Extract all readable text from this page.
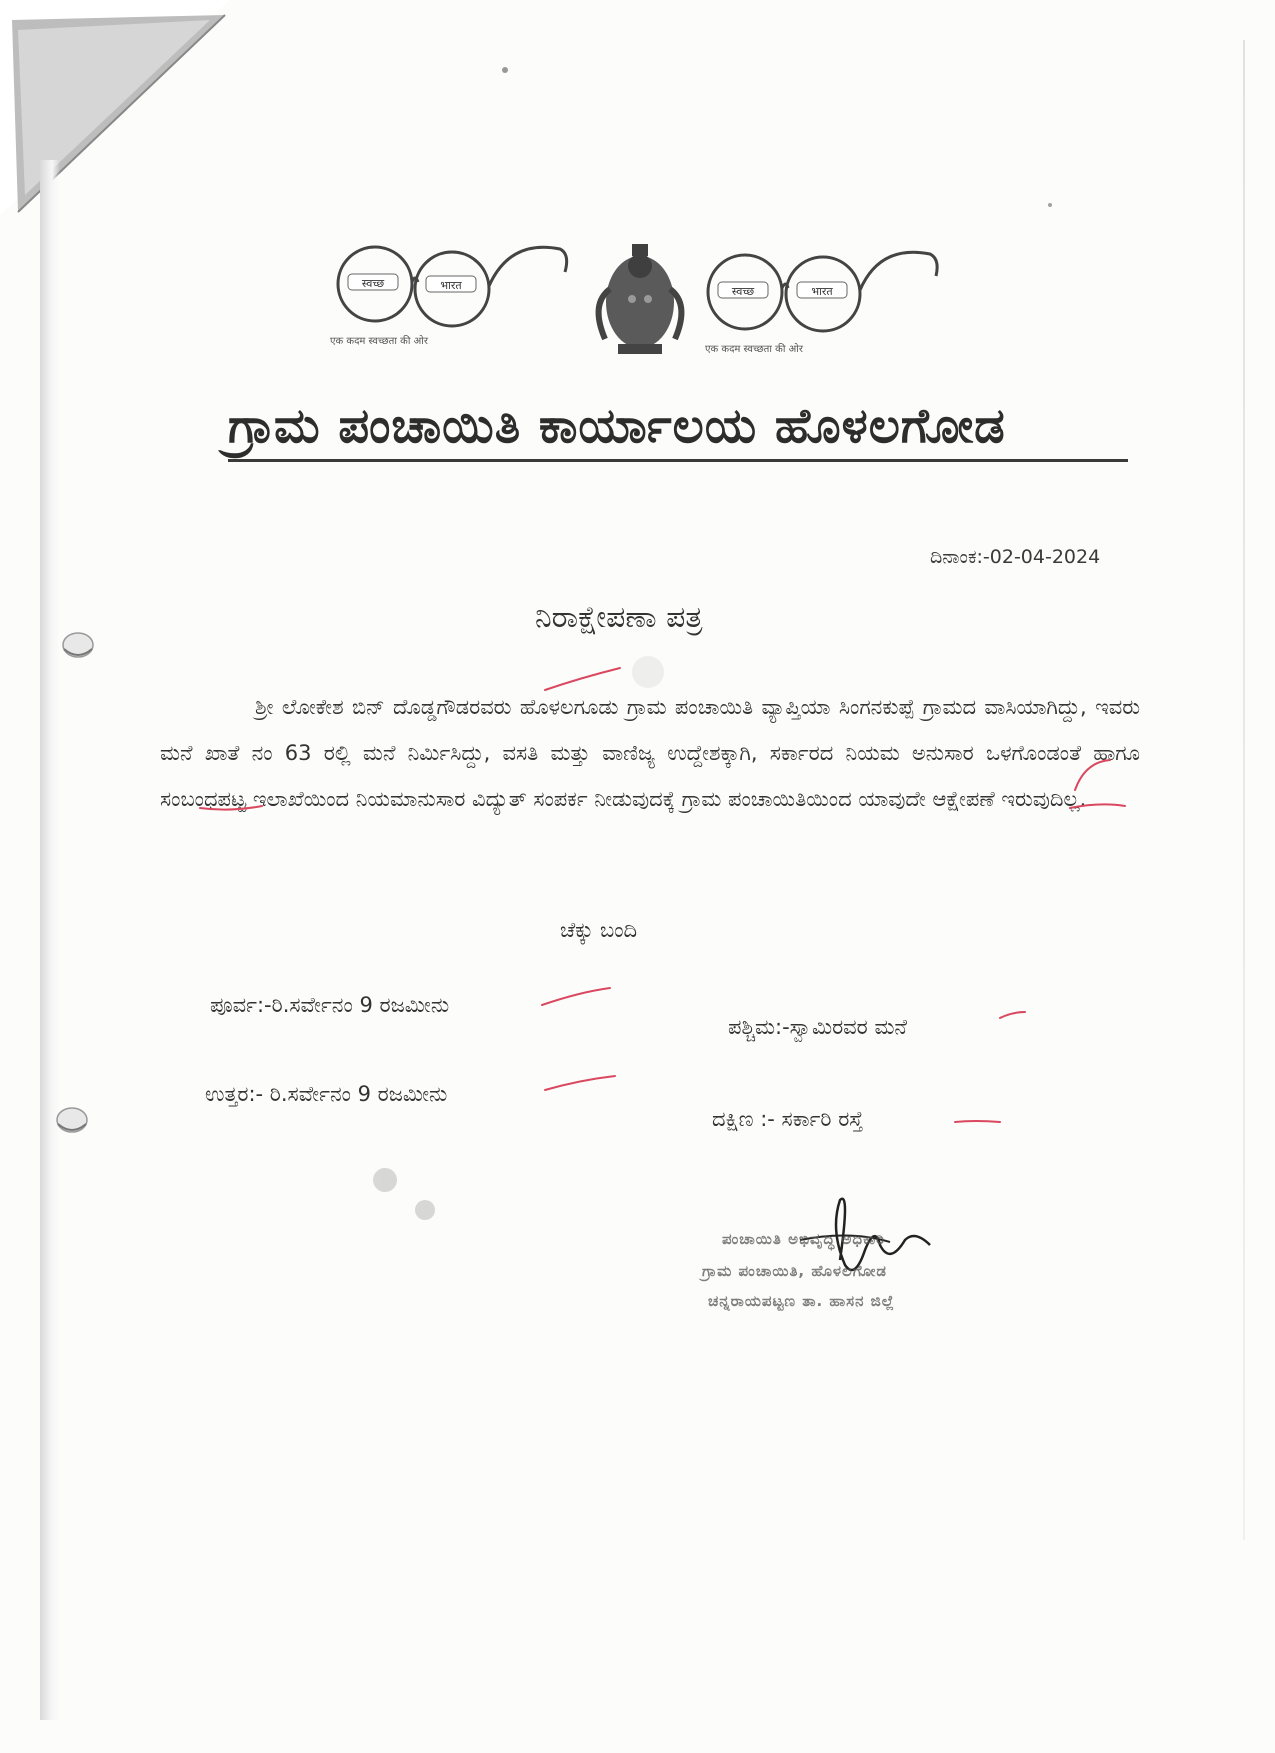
स्वच्छ	भारत
एक कदम स्वच्छता की ओर
स्वच्छ	भारत
एक कदम स्वच्छता की ओर
ಗ್ರಾಮ ಪಂಚಾಯಿತಿ ಕಾರ್ಯಾಲಯ ಹೊಳಲಗೋಡ
ದಿನಾಂಕ:-02-04-2024
ನಿರಾಕ್ಷೇಪಣಾ ಪತ್ರ

ಶ್ರೀ ಲೋಕೇಶ ಬಿನ್ ದೊಡ್ಡಗೌಡರವರು ಹೊಳಲಗೂಡು ಗ್ರಾಮ ಪಂಚಾಯಿತಿ ವ್ಯಾಪ್ತಿಯಾ ಸಿಂಗನಕುಪ್ಪೆ ಗ್ರಾಮದ ವಾಸಿಯಾಗಿದ್ದು, ಇವರು ಮನೆ ಖಾತೆ ನಂ 63 ರಲ್ಲಿ ಮನೆ ನಿರ್ಮಿಸಿದ್ದು, ವಸತಿ ಮತ್ತು ವಾಣಿಜ್ಯ ಉದ್ದೇಶಕ್ಕಾಗಿ, ಸರ್ಕಾರದ ನಿಯಮ ಅನುಸಾರ ಒಳಗೊಂಡಂತೆ ಹಾಗೂ ಸಂಬಂಧಪಟ್ಟ ಇಲಾಖೆಯಿಂದ ನಿಯಮಾನುಸಾರ ವಿದ್ಯುತ್ ಸಂಪರ್ಕ ನೀಡುವುದಕ್ಕೆ ಗ್ರಾಮ ಪಂಚಾಯಿತಿಯಿಂದ ಯಾವುದೇ ಆಕ್ಷೇಪಣೆ ಇರುವುದಿಲ್ಲ.

ಚೆಕ್ಕು ಬಂದಿ
ಪೂರ್ವ:-ರಿ.ಸರ್ವೇನಂ 9 ರಜಮೀನು
ಪಶ್ಚಿಮ:-ಸ್ವಾಮಿರವರ ಮನೆ
ಉತ್ತರ:- ರಿ.ಸರ್ವೇನಂ 9 ರಜಮೀನು
ದಕ್ಷಿಣ :- ಸರ್ಕಾರಿ ರಸ್ತೆ
ಪಂಚಾಯಿತಿ ಅಭಿವೃದ್ಧಿ ಅಧಿಕಾರಿ
ಗ್ರಾಮ ಪಂಚಾಯಿತಿ, ಹೊಳಲಗೋಡ
ಚನ್ನರಾಯಪಟ್ಟಣ ತಾ. ಹಾಸನ ಜಿಲ್ಲೆ
